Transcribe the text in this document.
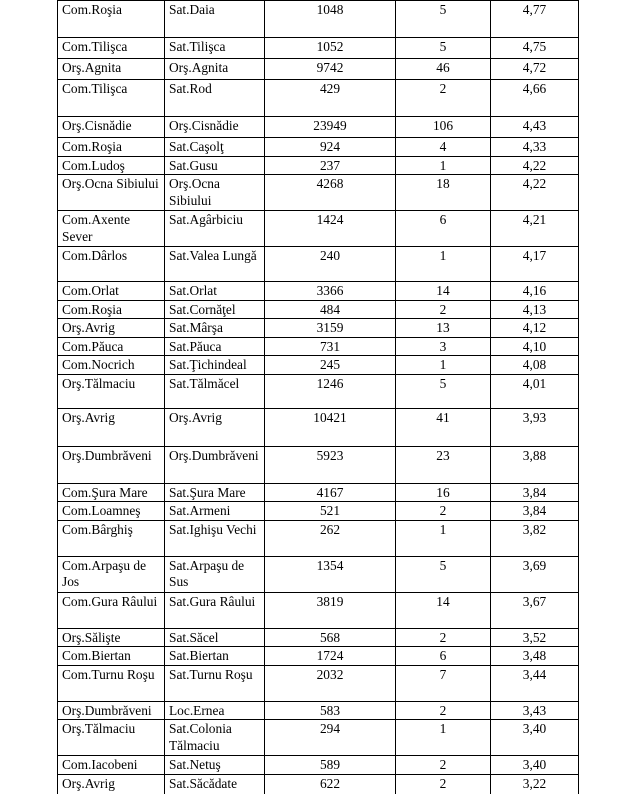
Com.Roşia	Sat.Daia	1048	5	4,77
Com.Tilişca	Sat.Tilişca	1052	5	4,75
Orş.Agnita	Orş.Agnita	9742	46	4,72
Com.Tilişca	Sat.Rod	429	2	4,66
Orş.Cisnădie	Orş.Cisnădie	23949	106	4,43
Com.Roşia	Sat.Caşolţ	924	4	4,33
Com.Ludoş	Sat.Gusu	237	1	4,22
Orş.Ocna Sibiului	Orş.Ocna Sibiului	4268	18	4,22
Com.Axente Sever	Sat.Agârbiciu	1424	6	4,21
Com.Dârlos	Sat.Valea Lungă	240	1	4,17
Com.Orlat	Sat.Orlat	3366	14	4,16
Com.Roşia	Sat.Cornăţel	484	2	4,13
Orş.Avrig	Sat.Mârşa	3159	13	4,12
Com.Păuca	Sat.Păuca	731	3	4,10
Com.Nocrich	Sat.Ţichindeal	245	1	4,08
Orş.Tălmaciu	Sat.Tălmăcel	1246	5	4,01
Orş.Avrig	Orş.Avrig	10421	41	3,93
Orş.Dumbrăveni	Orş.Dumbrăveni	5923	23	3,88
Com.Şura Mare	Sat.Şura Mare	4167	16	3,84
Com.Loamneş	Sat.Armeni	521	2	3,84
Com.Bârghiş	Sat.Ighişu Vechi	262	1	3,82
Com.Arpaşu de Jos	Sat.Arpaşu de Sus	1354	5	3,69
Com.Gura Râului	Sat.Gura Râului	3819	14	3,67
Orş.Sălişte	Sat.Săcel	568	2	3,52
Com.Biertan	Sat.Biertan	1724	6	3,48
Com.Turnu Roşu	Sat.Turnu Roşu	2032	7	3,44
Orş.Dumbrăveni	Loc.Ernea	583	2	3,43
Orş.Tălmaciu	Sat.Colonia Tălmaciu	294	1	3,40
Com.Iacobeni	Sat.Netuş	589	2	3,40
Orş.Avrig	Sat.Săcădate	622	2	3,22
